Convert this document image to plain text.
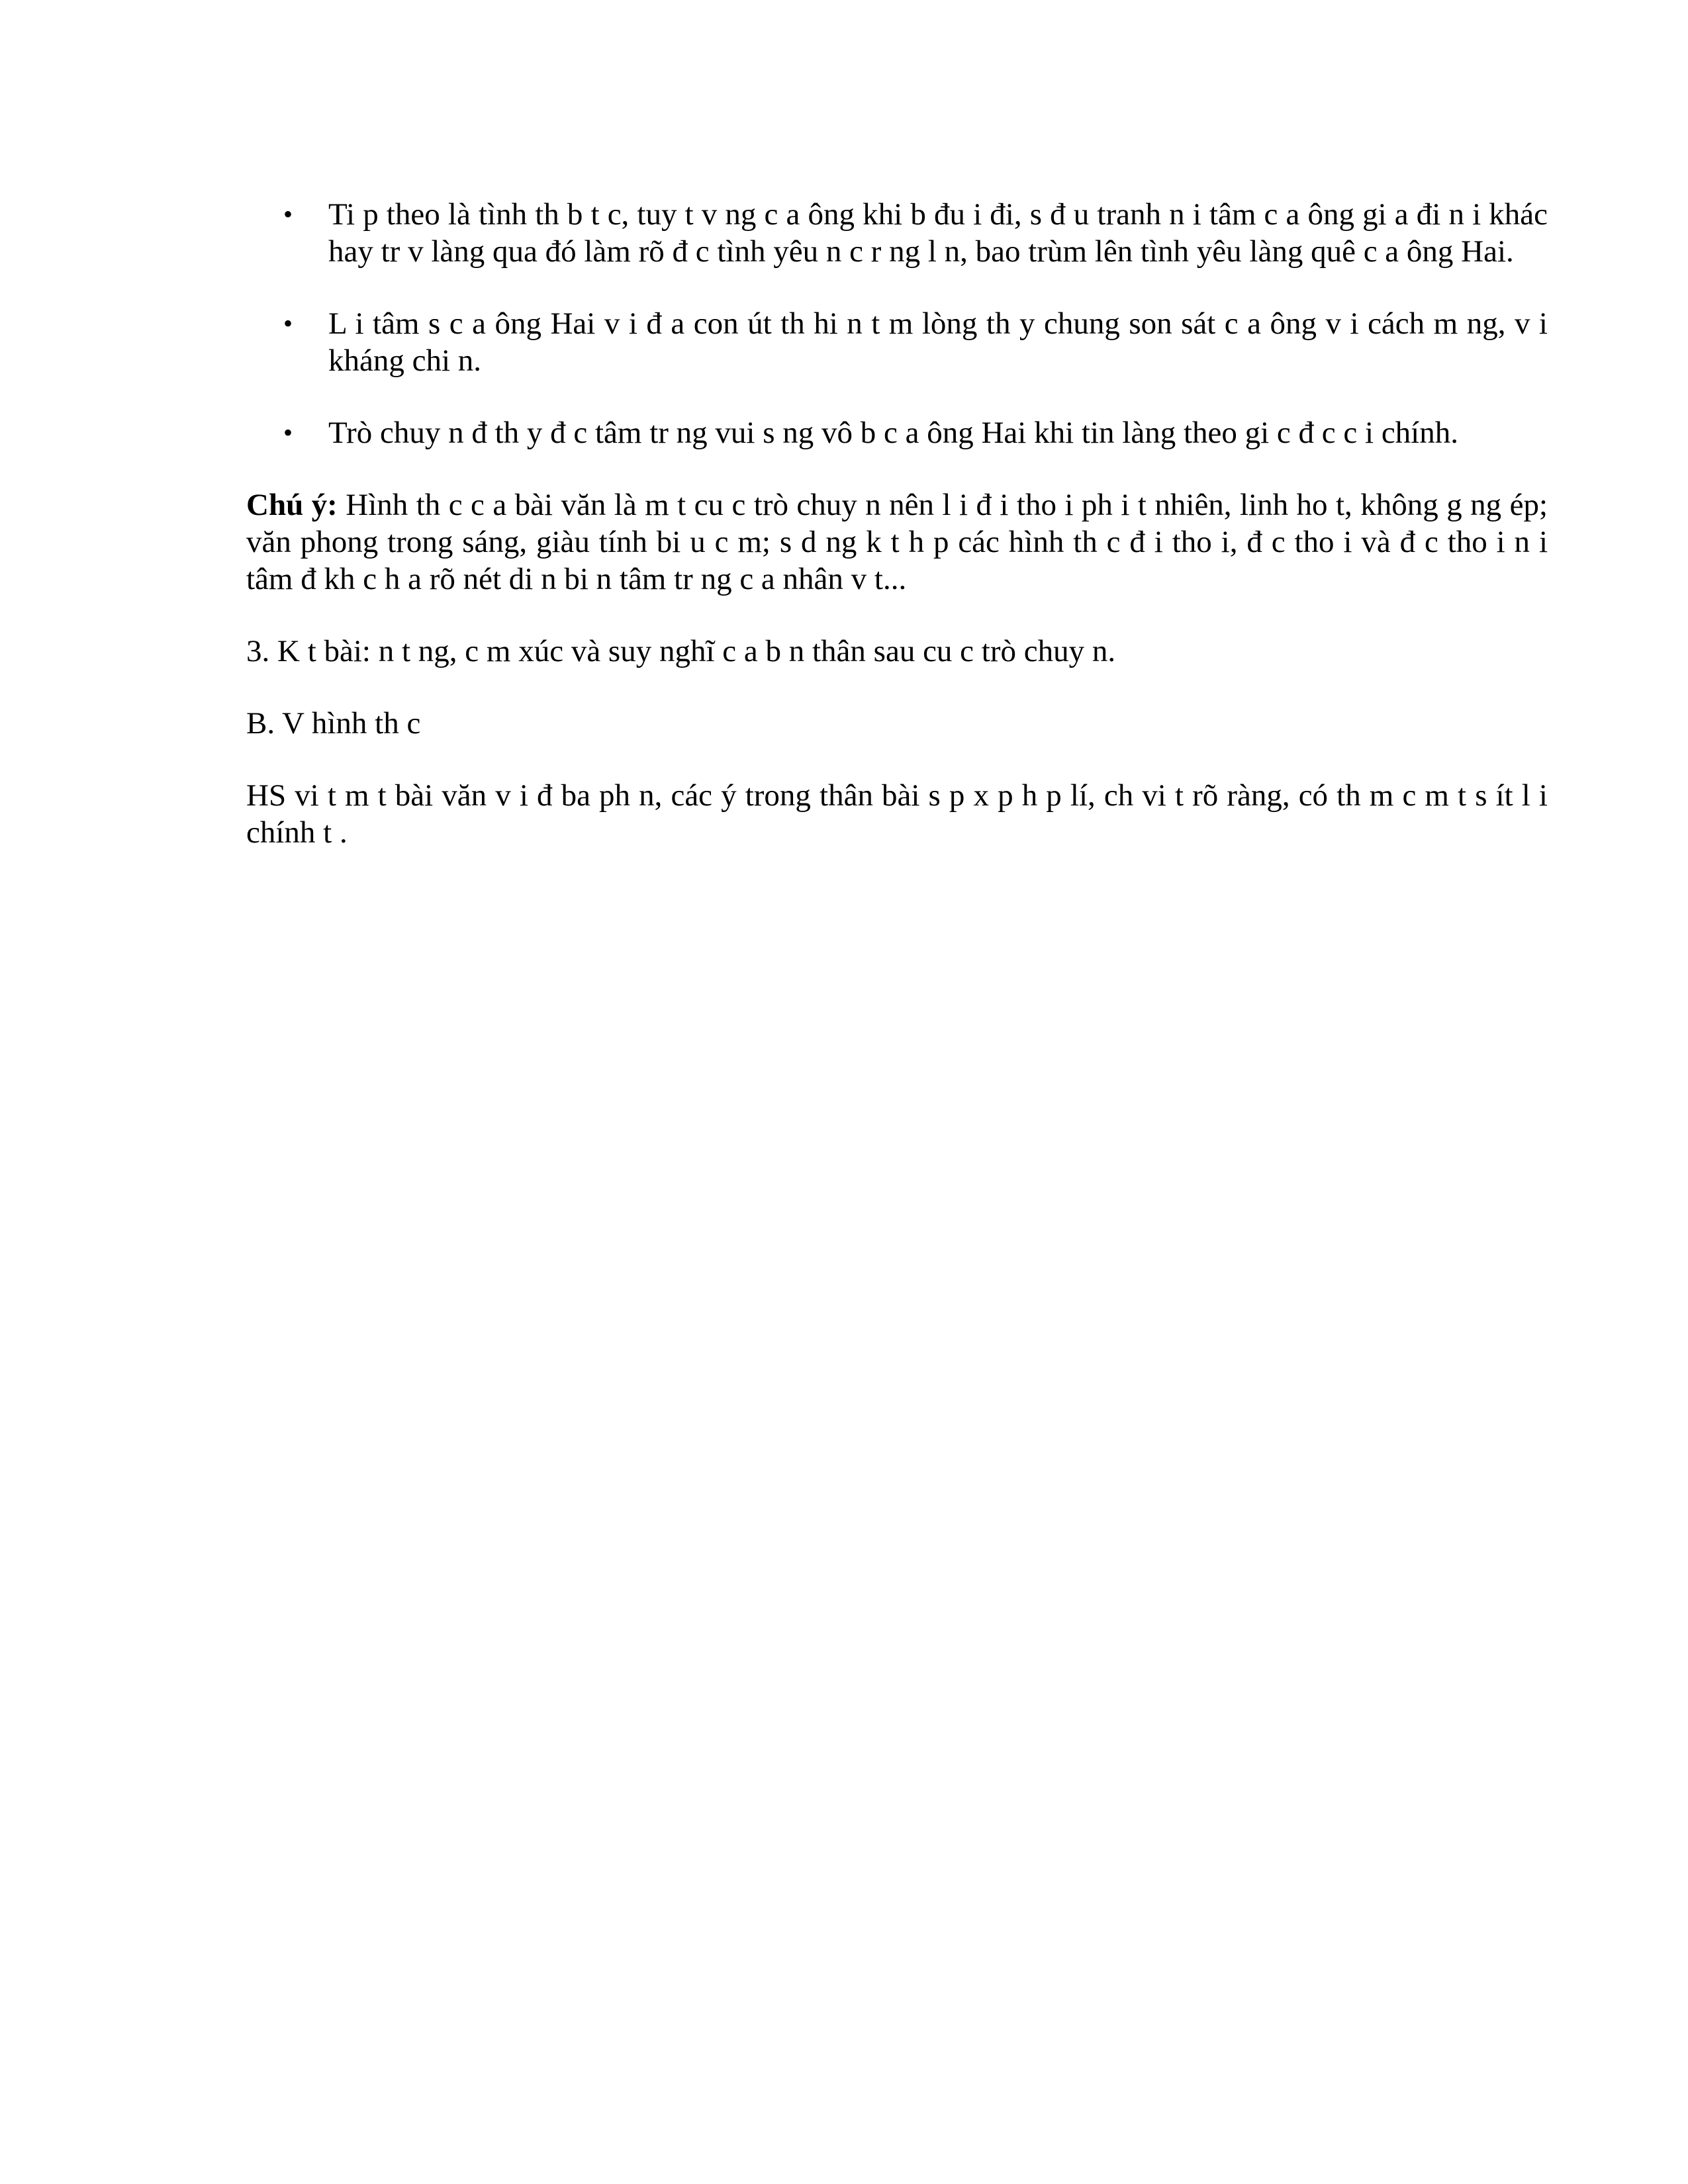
•	Ti p theo là tình th b t c, tuy t v ng c a ông khi b đu i đi, s đ u tranh n i tâm c a ông gi a đi n i khác hay tr v làng qua đó làm rõ đ c tình yêu n c r ng l n, bao trùm lên tình yêu làng quê c a ông Hai.
•	L i tâm s c a ông Hai v i đ a con út th hi n t m lòng th y chung son sát c a ông v i cách m ng, v i kháng chi n.
•	Trò chuy n đ th y đ c tâm tr ng vui s ng vô b c a ông Hai khi tin làng theo gi c đ c c i chính.

Chú ý: Hình th c c a bài văn là m t cu c trò chuy n nên l i đ i tho i ph i t nhiên, linh ho t, không g ng ép; văn phong trong sáng, giàu tính bi u c m; s d ng k t h p các hình th c đ i tho i, đ c tho i và đ c tho i n i tâm đ kh c h a rõ nét di n bi n tâm tr ng c a nhân v t...

3. K t bài: n t ng, c m xúc và suy nghĩ c a b n thân sau cu c trò chuy n.

B. V hình th c

HS vi t m t bài văn v i đ ba ph n, các ý trong thân bài s p x p h p lí, ch vi t rõ ràng, có th m c m t s ít l i chính t .
